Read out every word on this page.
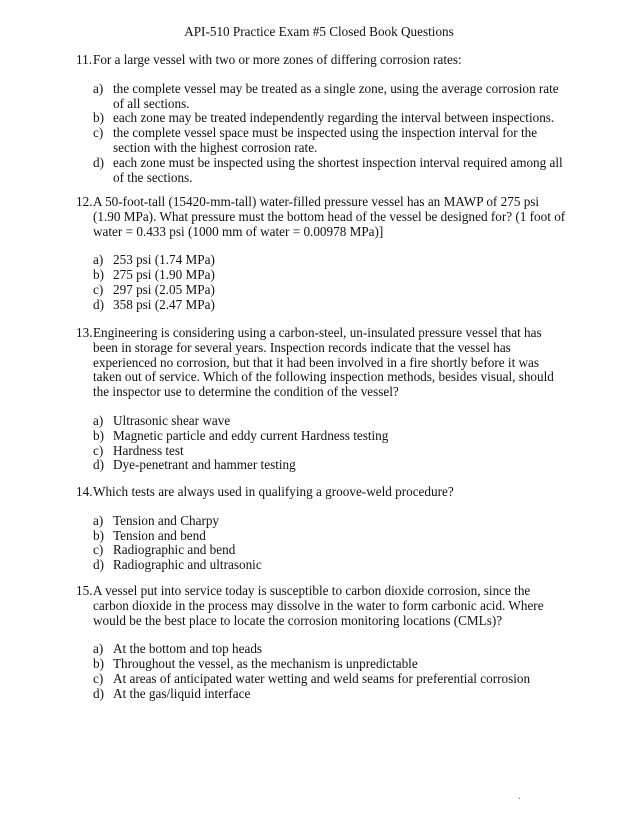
API-510 Practice Exam #5 Closed Book Questions
11. For a large vessel with two or more zones of differing corrosion rates:
a) the complete vessel may be treated as a single zone, using the average corrosion rate of all sections.
b) each zone may be treated independently regarding the interval between inspections.
c) the complete vessel space must be inspected using the inspection interval for the section with the highest corrosion rate.
d) each zone must be inspected using the shortest inspection interval required among all of the sections.
12. A 50-foot-tall (15420-mm-tall) water-filled pressure vessel has an MAWP of 275 psi (1.90 MPa). What pressure must the bottom head of the vessel be designed for? (1 foot of water = 0.433 psi (1000 mm of water = 0.00978 MPa)]
a) 253 psi (1.74 MPa)
b) 275 psi (1.90 MPa)
c) 297 psi (2.05 MPa)
d) 358 psi (2.47 MPa)
13. Engineering is considering using a carbon-steel, un-insulated pressure vessel that has been in storage for several years. Inspection records indicate that the vessel has experienced no corrosion, but that it had been involved in a fire shortly before it was taken out of service. Which of the following inspection methods, besides visual, should the inspector use to determine the condition of the vessel?
a) Ultrasonic shear wave
b) Magnetic particle and eddy current Hardness testing
c) Hardness test
d) Dye-penetrant and hammer testing
14. Which tests are always used in qualifying a groove-weld procedure?
a) Tension and Charpy
b) Tension and bend
c) Radiographic and bend
d) Radiographic and ultrasonic
15. A vessel put into service today is susceptible to carbon dioxide corrosion, since the carbon dioxide in the process may dissolve in the water to form carbonic acid. Where would be the best place to locate the corrosion monitoring locations (CMLs)?
a) At the bottom and top heads
b) Throughout the vessel, as the mechanism is unpredictable
c) At areas of anticipated water wetting and weld seams for preferential corrosion
d) At the gas/liquid interface
.
